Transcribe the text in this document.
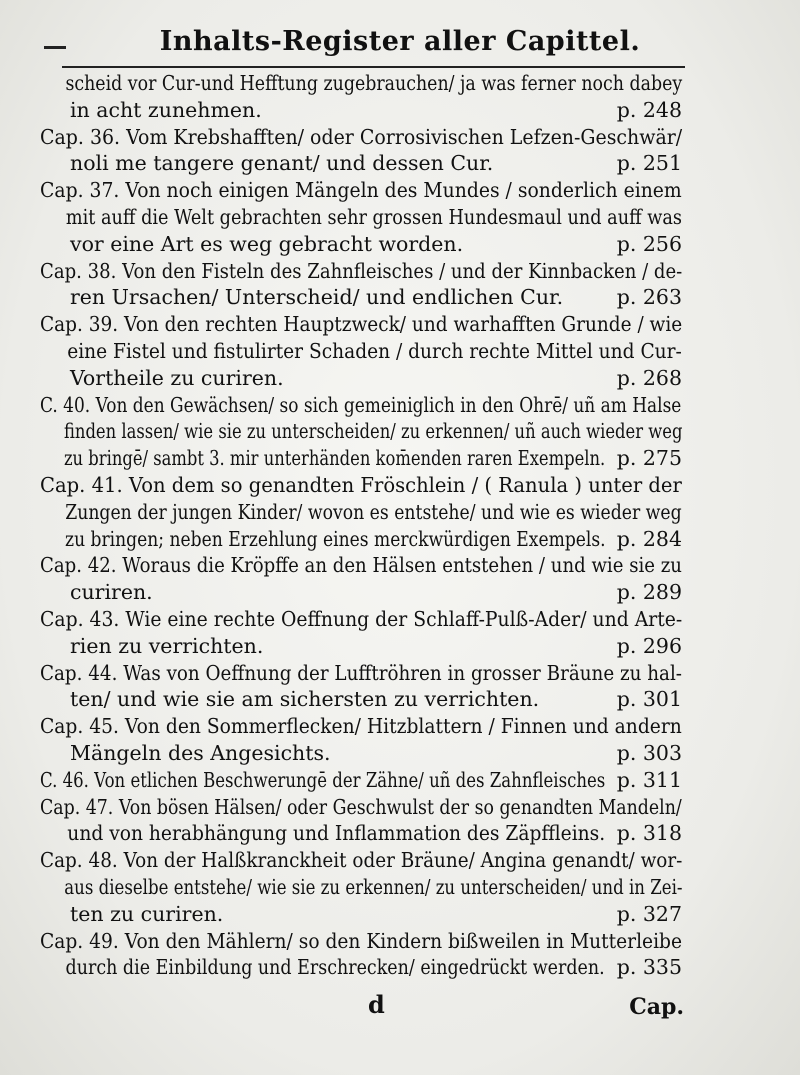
Inhalts-Register aller Capittel.
scheid vor Cur-und Hefftung zugebrauchen/ ja was ferner noch dabey
in acht zunehmen.	p. 248
Cap. 36. Vom Krebshafften/ oder Corrosivischen Lefzen-Geschwär/
noli me tangere genant/ und dessen Cur.	p. 251
Cap. 37. Von noch einigen Mängeln des Mundes / sonderlich einem
mit auff die Welt gebrachten sehr grossen Hundesmaul und auff was
vor eine Art es weg gebracht worden.	p. 256
Cap. 38. Von den Fisteln des Zahnfleisches / und der Kinnbacken / de-
ren Ursachen/ Unterscheid/ und endlichen Cur.	p. 263
Cap. 39. Von den rechten Hauptzweck/ und warhafften Grunde / wie
eine Fistel und fistulirter Schaden / durch rechte Mittel und Cur-
Vortheile zu curiren.	p. 268
C. 40. Von den Gewächsen/ so sich gemeiniglich in den Ohrē/ uñ am Halse
finden lassen/ wie sie zu unterscheiden/ zu erkennen/ uñ auch wieder weg
zu bringē/ sambt 3. mir unterhänden kom̄enden raren Exempeln. p. 275
Cap. 41. Von dem so genandten Fröschlein / ( Ranula ) unter der
Zungen der jungen Kinder/ wovon es entstehe/ und wie es wieder weg
zu bringen; neben Erzehlung eines merckwürdigen Exempels. p. 284
Cap. 42. Woraus die Kröpffe an den Hälsen entstehen / und wie sie zu
curiren.	p. 289
Cap. 43. Wie eine rechte Oeffnung der Schlaff-Pulß-Ader/ und Arte-
rien zu verrichten.	p. 296
Cap. 44. Was von Oeffnung der Lufftröhren in grosser Bräune zu hal-
ten/ und wie sie am sichersten zu verrichten.	p. 301
Cap. 45. Von den Sommerflecken/ Hitzblattern / Finnen und andern
Mängeln des Angesichts.	p. 303
C. 46. Von etlichen Beschwerungē der Zähne/ uñ des Zahnfleisches p. 311
Cap. 47. Von bösen Hälsen/ oder Geschwulst der so genandten Mandeln/
und von herabhängung und Inflammation des Zäpffleins. p. 318
Cap. 48. Von der Halßkranckheit oder Bräune/ Angina genandt/ wor-
aus dieselbe entstehe/ wie sie zu erkennen/ zu unterscheiden/ und in Zei-
ten zu curiren.	p. 327
Cap. 49. Von den Mählern/ so den Kindern bißweilen in Mutterleibe
durch die Einbildung und Erschrecken/ eingedrückt werden. p. 335
d	Cap.
